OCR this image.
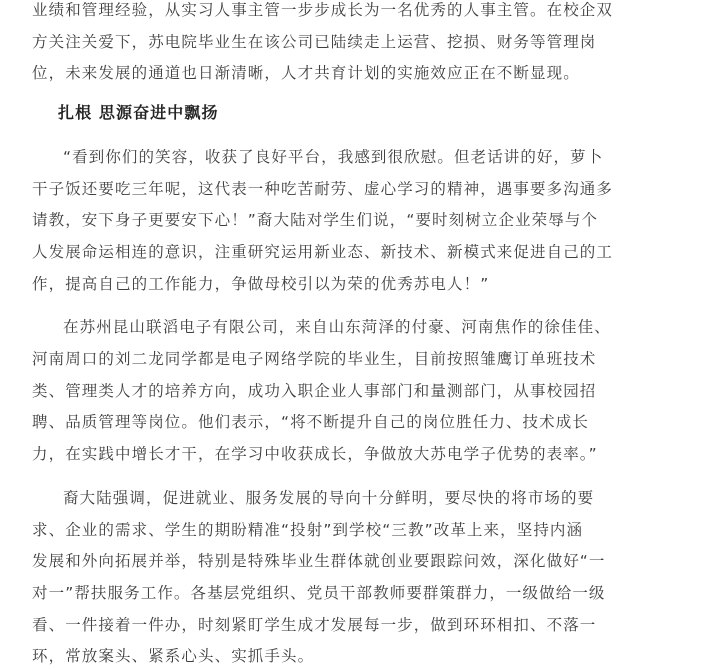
业绩和管理经验，从实习人事主管一步步成长为一名优秀的人事主管。在校企双
方关注关爱下，苏电院毕业生在该公司已陆续走上运营、挖损、财务等管理岗
位，未来发展的通道也日渐清晰，人才共育计划的实施效应正在不断显现。
扎根 思源奋进中飘扬
“看到你们的笑容，收获了良好平台，我感到很欣慰。但老话讲的好，萝卜
干子饭还要吃三年呢，这代表一种吃苦耐劳、虚心学习的精神，遇事要多沟通多
请教，安下身子更要安下心！”裔大陆对学生们说，“要时刻树立企业荣辱与个
人发展命运相连的意识，注重研究运用新业态、新技术、新模式来促进自己的工
作，提高自己的工作能力，争做母校引以为荣的优秀苏电人！”
在苏州昆山联滔电子有限公司，来自山东菏泽的付豪、河南焦作的徐佳佳、
河南周口的刘二龙同学都是电子网络学院的毕业生，目前按照雏鹰订单班技术
类、管理类人才的培养方向，成功入职企业人事部门和量测部门，从事校园招
聘、品质管理等岗位。他们表示，“将不断提升自己的岗位胜任力、技术成长
力，在实践中增长才干，在学习中收获成长，争做放大苏电学子优势的表率。”
裔大陆强调，促进就业、服务发展的导向十分鲜明，要尽快的将市场的要
求、企业的需求、学生的期盼精准“投射”到学校“三教”改革上来，坚持内涵
发展和外向拓展并举，特别是特殊毕业生群体就创业要跟踪问效，深化做好“一
对一”帮扶服务工作。各基层党组织、党员干部教师要群策群力，一级做给一级
看、一件接着一件办，时刻紧盯学生成才发展每一步，做到环环相扣、不落一
环，常放案头、紧系心头、实抓手头。
